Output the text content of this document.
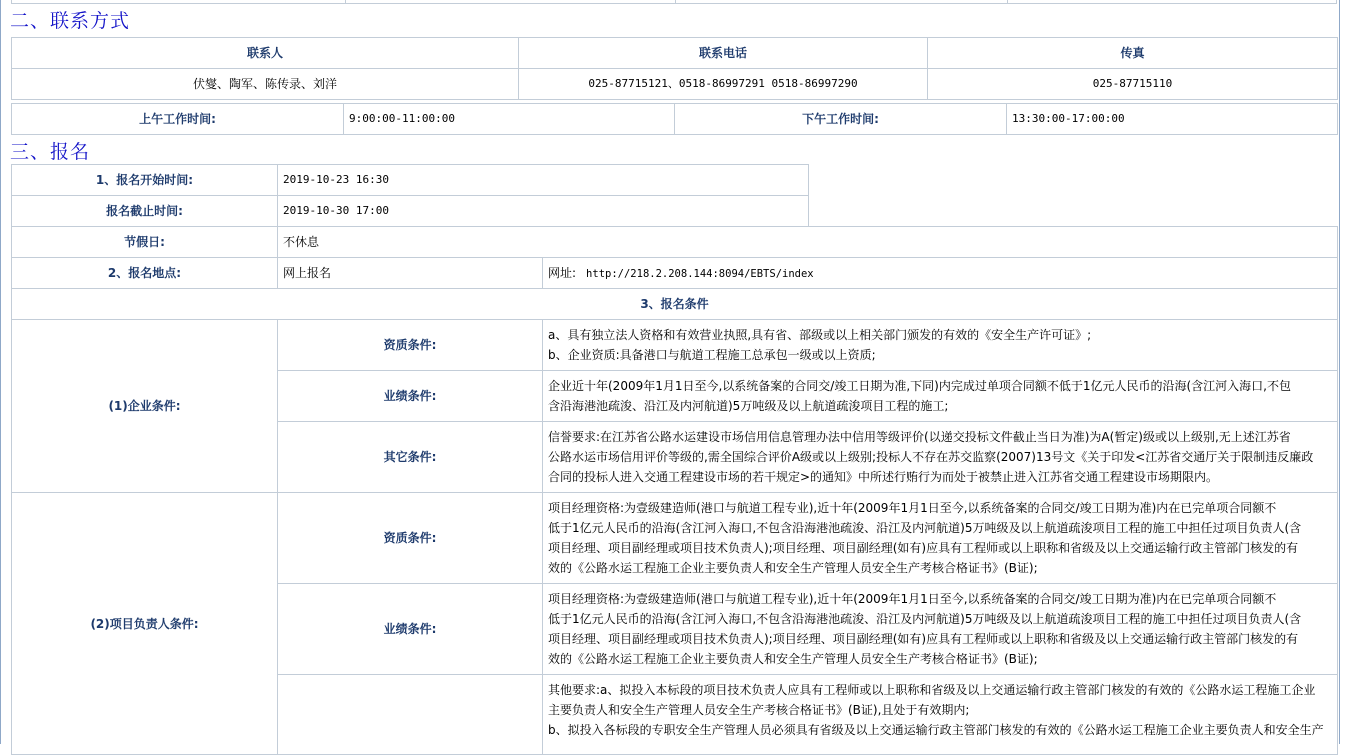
二、联系方式
联系人	联系电话	传真
伏燮、陶军、陈传录、刘洋	025-87715121、0518-86997291 0518-86997290	025-87715110
上午工作时间:	9:00:00-11:00:00	下午工作时间:	13:30:00-17:00:00
三、报名
1、报名开始时间:	2019-10-23 16:30
报名截止时间:	2019-10-30 17:00
节假日:	不休息	
2、报名地点:	网上报名	网址: http://218.2.208.144:8094/EBTS/index
3、报名条件		
(1)企业条件:	资质条件:	a、具有独立法人资格和有效营业执照,具有省、部级或以上相关部门颁发的有效的《安全生产许可证》;
b、企业资质:具备港口与航道工程施工总承包一级或以上资质;

	业绩条件:	企业近十年(2009年1月1日至今,以系统备案的合同交/竣工日期为准,下同)内完成过单项合同额不低于1亿元人民币的沿海(含江河入海口,不包
含沿海港池疏浚、沿江及内河航道)5万吨级及以上航道疏浚项目工程的施工;

	其它条件:	信誉要求:在江苏省公路水运建设市场信用信息管理办法中信用等级评价(以递交投标文件截止当日为准)为A(暂定)级或以上级别,无上述江苏省
公路水运市场信用评价等级的,需全国综合评价A级或以上级别;投标人不存在苏交监察(2007)13号文《关于印发<江苏省交通厅关于限制违反廉政
合同的投标人进入交通工程建设市场的若干规定>的通知》中所述行贿行为而处于被禁止进入江苏省交通工程建设市场期限内。

(2)项目负责人条件:	资质条件:	项目经理资格:为壹级建造师(港口与航道工程专业),近十年(2009年1月1日至今,以系统备案的合同交/竣工日期为准)内在已完单项合同额不
低于1亿元人民币的沿海(含江河入海口,不包含沿海港池疏浚、沿江及内河航道)5万吨级及以上航道疏浚项目工程的施工中担任过项目负责人(含
项目经理、项目副经理或项目技术负责人);项目经理、项目副经理(如有)应具有工程师或以上职称和省级及以上交通运输行政主管部门核发的有
效的《公路水运工程施工企业主要负责人和安全生产管理人员安全生产考核合格证书》(B证);

	业绩条件:	项目经理资格:为壹级建造师(港口与航道工程专业),近十年(2009年1月1日至今,以系统备案的合同交/竣工日期为准)内在已完单项合同额不
低于1亿元人民币的沿海(含江河入海口,不包含沿海港池疏浚、沿江及内河航道)5万吨级及以上航道疏浚项目工程的施工中担任过项目负责人(含
项目经理、项目副经理或项目技术负责人);项目经理、项目副经理(如有)应具有工程师或以上职称和省级及以上交通运输行政主管部门核发的有
效的《公路水运工程施工企业主要负责人和安全生产管理人员安全生产考核合格证书》(B证);

		其他要求:a、拟投入本标段的项目技术负责人应具有工程师或以上职称和省级及以上交通运输行政主管部门核发的有效的《公路水运工程施工企业
主要负责人和安全生产管理人员安全生产考核合格证书》(B证),且处于有效期内;
b、拟投入各标段的专职安全生产管理人员必须具有省级及以上交通运输行政主管部门核发的有效的《公路水运工程施工企业主要负责人和安全生产
